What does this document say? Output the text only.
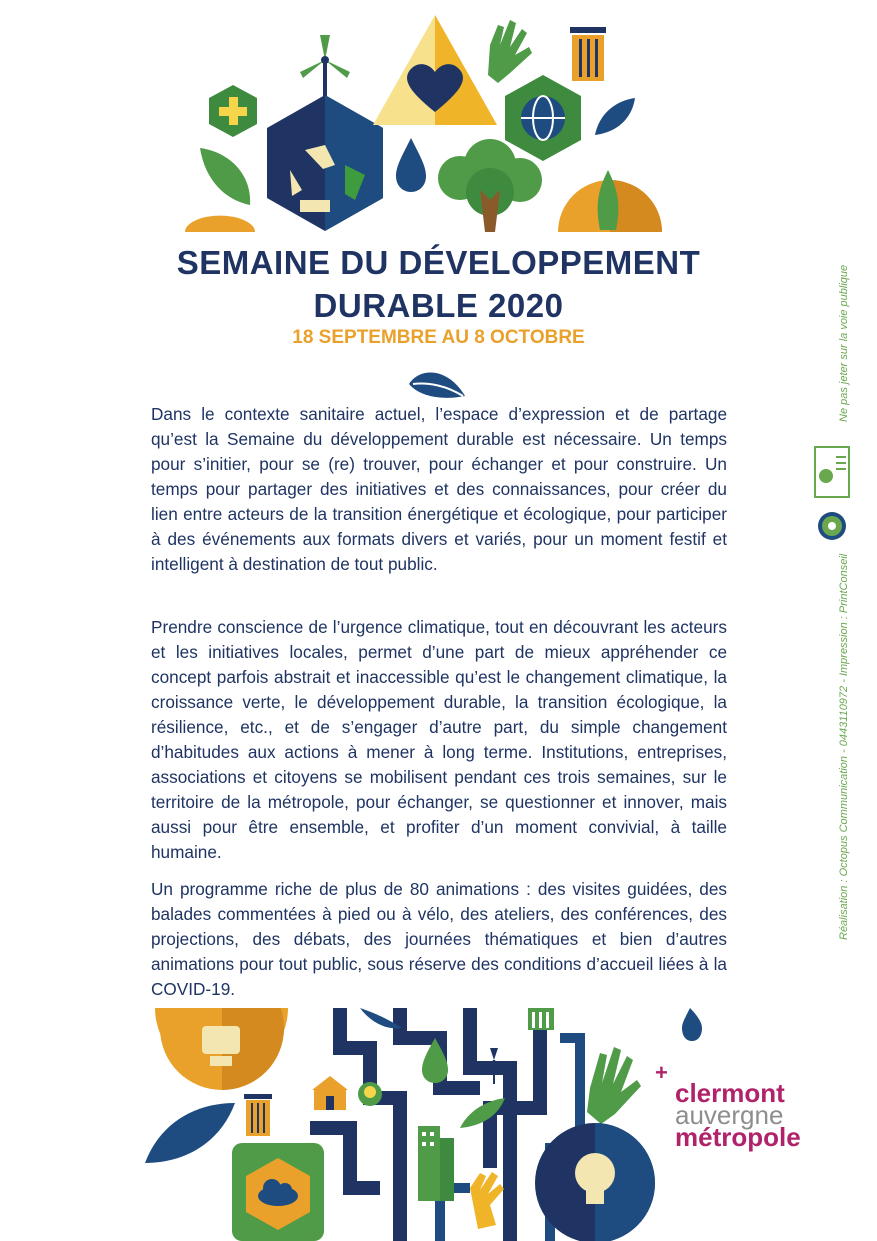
SEMAINE DU DÉVELOPPEMENT
DURABLE 2020
18 SEPTEMBRE AU 8 OCTOBRE

Dans le contexte sanitaire actuel, l’espace d’expression et de partage qu’est la Semaine du développement durable est nécessaire. Un temps pour s’initier, pour se (re) trouver, pour échanger et pour construire. Un temps pour partager des initiatives et des connaissances, pour créer du lien entre acteurs de la transition énergétique et écologique, pour participer à des événements aux formats divers et variés, pour un moment festif et intelligent à destination de tout public.

Prendre conscience de l’urgence climatique, tout en découvrant les acteurs et les initiatives locales, permet d’une part de mieux appréhender ce concept parfois abstrait et inaccessible qu’est le changement climatique, la croissance verte, le développement durable, la transition écologique, la résilience, etc., et de s’engager d’autre part, du simple changement d’habitudes aux actions à mener à long terme. Institutions, entreprises, associations et citoyens se mobilisent pendant ces trois semaines, sur le territoire de la métropole, pour échanger, se questionner et innover, mais aussi pour être ensemble, et profiter d’un moment convivial, à taille humaine.

Un programme riche de plus de 80 animations : des visites guidées, des balades commentées à pied ou à vélo, des ateliers, des conférences, des projections, des débats, des journées thématiques et bien d’autres animations pour tout public, sous réserve des conditions d’accueil liées à la COVID-19.

Ne pas jeter sur la voie publique
Réalisation : Octopus Communication - 0443110972 - Impression : PrintConseil
+
clermont
auvergne
métropole
